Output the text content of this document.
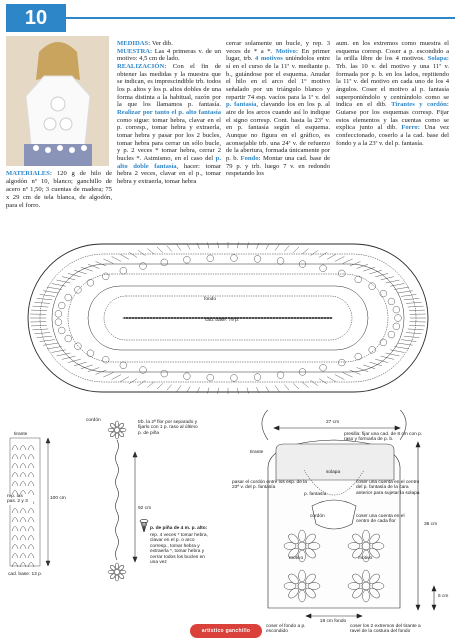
10
MATERIALES: 120 g de hilo de algodón nº 10, blanco; ganchillo de acero nº 1,50; 3 cuentas de madera; 75 x 29 cm de tela blanca, de algodón, para el forro.
MEDIDAS: Ver dib.
MUESTRA: Las 4 primeras v. de un motivo: 4,5 cm de lado.
REALIZACIÓN: Con el fin de obtener las medidas y la muestra que se indican, es imprescindible trb. todos los p. altos y los p. altos dobles de una forma distinta a la habitual, razón por la que los llamamos p. fantasía. Realizar por tanto el p. alto fantasía como sigue: tomar hebra, clavar en el p. corresp., tomar hebra y extraerla, tomar hebra y pasar por los 2 bucles, tomar hebra para cerrar un sólo bucle, y p. 2 veces * tomar hebra, cerrar 2 bucles *. Asimismo, en el caso del p. alto doble fantasía, hacer: tomar hebra 2 veces, clavar en el p., tomar hebra y extraerla, tomar hebra
cerrar solamente un bucle, y rep. 3 veces de * a *. Motivo: En primer lugar, trb. 4 motivos uniéndolos entre sí en el curso de la 11ª v. mediante p. b., guiándose por el esquema. Anudar el hilo en el arco del 1º motivo señalado por un triángulo blanco y repartir 74 esp. vacíos para la 1ª v. del p. fantasía, clavando los en los p. al aire de los arcos cuando así lo indique el signo corresp. Cont. hasta la 23ª v. en p. fantasía según el esquema. Aunque no figura en el gráfico, es aconsejable trb. una 24ª v. de refuerzo de la abertura, formada únicamente por p. b. Fondo: Montar una cad. base de 79 p. y trb. luego 7 v. en redondo respetando los
aum. en los extremos como muestra el esquema corresp. Coser a p. escondido a la orilla libre de los 4 motivos. Solapa: Trb. las 10 v. del motivo y una 11ª v. formada por p. b. en los lados, repitiendo la 11ª v. del motivo en cada uno de los 4 ángulos. Coser el motivo al p. fantasía superponiéndolo y centrándolo como se indica en el dib. Tirantes y cordón: Guiarse por los esquemas corresp. Fijar estos elementos y las cuentas como se explica junto al dib. Forro: Una vez confeccionado, coserlo a la cad. base del fondo y a la 23ª v. del p. fantasía.
fondo
cad. base: 79 p.
tirante
rep. las pas. 2 y 3
100 cm
cad. base: 13 p.
cordón	trb. la 2ª flor por separado y fijarlo con 1 p. raso al último p. de piña
92 cm
p. de piña de 4 m. p. alto:
rep. 4 veces * tomar hebra, clavar en el p. o arco corresp., tomar hebra y extraerla *, tomar hebra y cerrar todos los bucles en una vez
27 cm
36 cm
presilla: fijar una cad. de 8 cm con p. raso y formarla de p. b.
tirante
solapa
pasar el cordón entre los esp. de la 23ª v. del p. fantasía
p. fantasía
cordón
coser una cuenta en el centro del p. fantasía de la cara anterior para sujetar la solapa
coser una cuenta en el centro de cada flor
motivo	motivo
18 cm fondo
coser el fondo a p. escondido
coser los 2 extremos del tirante a ravel de la costura del fondo
5 cm
artístico ganchillo
